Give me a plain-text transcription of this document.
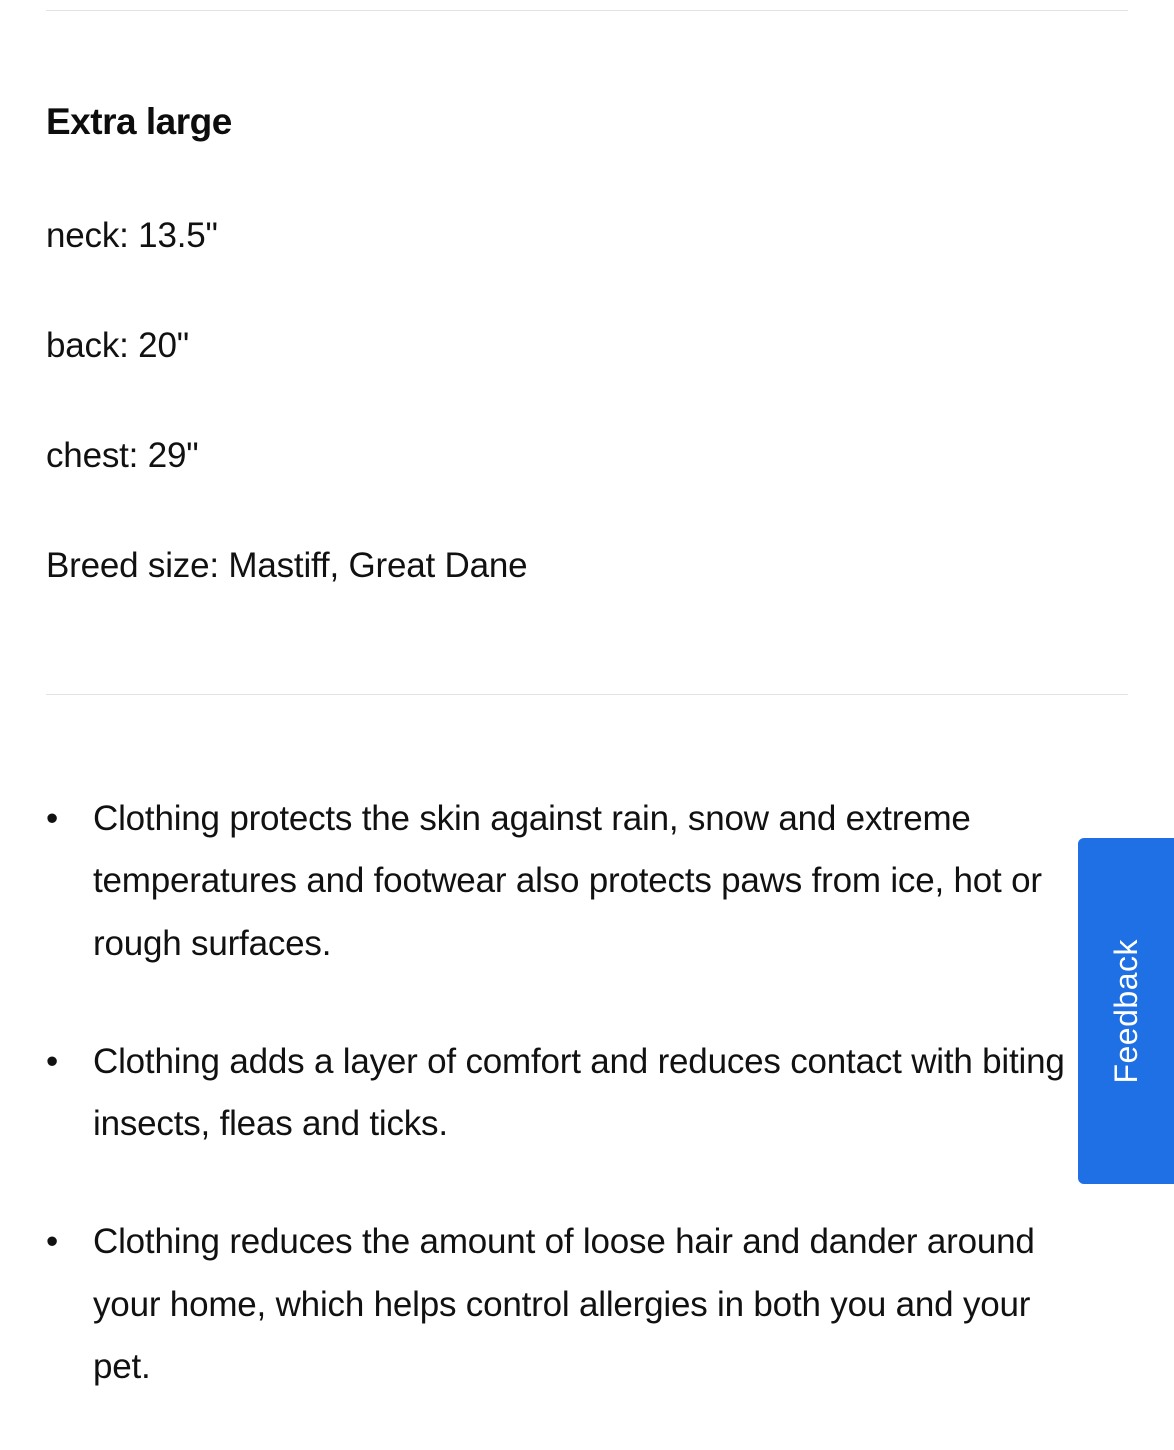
Extra large
neck: 13.5"
back: 20"
chest: 29"
Breed size: Mastiff, Great Dane
• Clothing protects the skin against rain, snow and extreme temperatures and footwear also protects paws from ice, hot or rough surfaces.
• Clothing adds a layer of comfort and reduces contact with biting insects, fleas and ticks.
• Clothing reduces the amount of loose hair and dander around your home, which helps control allergies in both you and your pet.
Feedback
